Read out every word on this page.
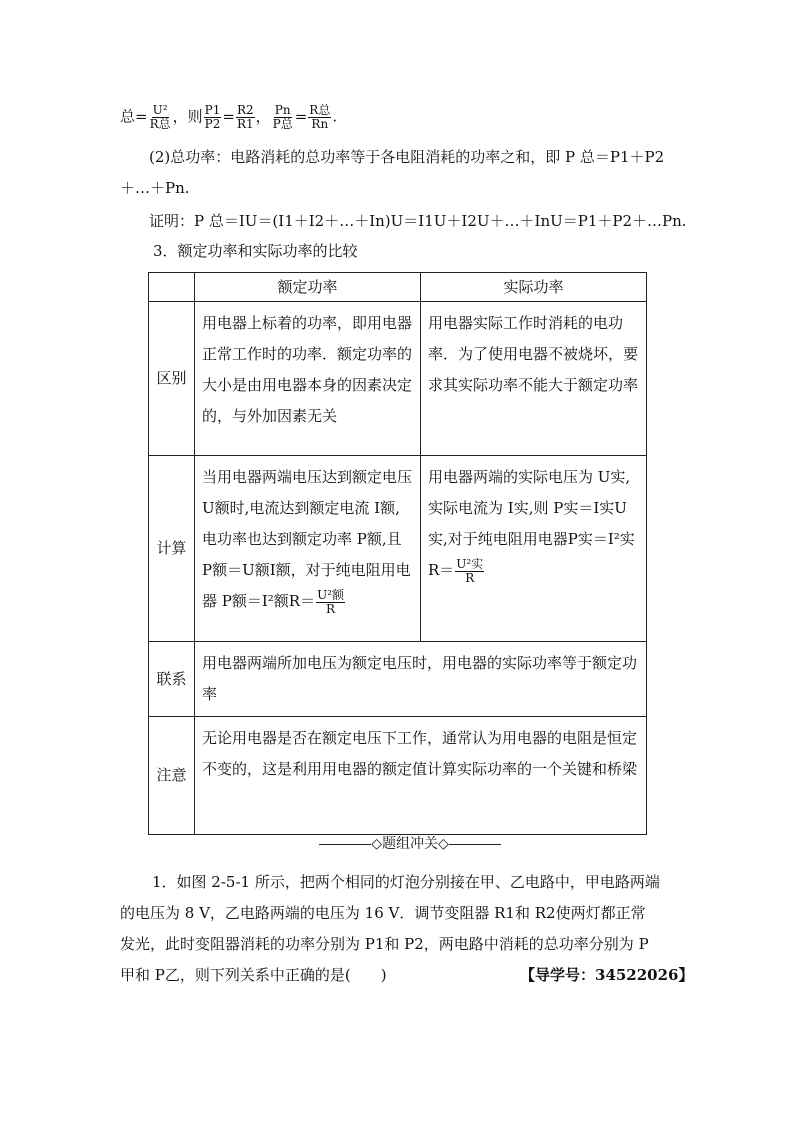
总= $\frac{\text{U²}}{\text{R总}}$ ，则 $\frac{P1}{P2} = \frac{R2}{R1}$ ， $\frac{Pn}{\text{P总}} = \frac{\text{R总}}{Rn}$ .
(2)总功率：电路消耗的总功率等于各电阻消耗的功率之和，即 P 总＝P1＋P2
＋…＋Pn.
证明：P 总＝IU＝(I1＋I2＋…＋In)U＝I1U＋I2U＋…＋InU＝P1＋P2＋…Pn.
3．额定功率和实际功率的比较
	额定功率	实际功率
区别	用电器上标着的功率，即用电器正常工作时的功率．额定功率的大小是由用电器本身的因素决定的，与外加因素无关	用电器实际工作时消耗的电功率．为了使用电器不被烧坏，要求其实际功率不能大于额定功率
计算	当用电器两端电压达到额定电压 U额时,电流达到额定电流 I额,电功率也达到额定功率 P额,且 P额＝U额I额，对于纯电阻用电器 P额＝I²额$R= \frac{\text{U²额}}{R}$	用电器两端的实际电压为 U实,实际电流为 I实,则 P实＝I实U实,对于纯电阻用电器P实＝I²实$R= \frac{\text{U²实}}{R}$

联系	用电器两端所加电压为额定电压时，用电器的实际功率等于额定功率	
注意	无论用电器是否在额定电压下工作，通常认为用电器的电阻是恒定不变的，这是利用用电器的额定值计算实际功率的一个关键和桥梁	
◇题组冲关◇
1．如图 2-5-1 所示，把两个相同的灯泡分别接在甲、乙电路中，甲电路两端的电压为 8 V，乙电路两端的电压为 16 V．调节变阻器 R1和 R2使两灯都正常发光，此时变阻器消耗的功率分别为 P1和 P2，两电路中消耗的总功率分别为 P甲和 P乙，则下列关系中正确的是(　　)	【导学号：34522026】
